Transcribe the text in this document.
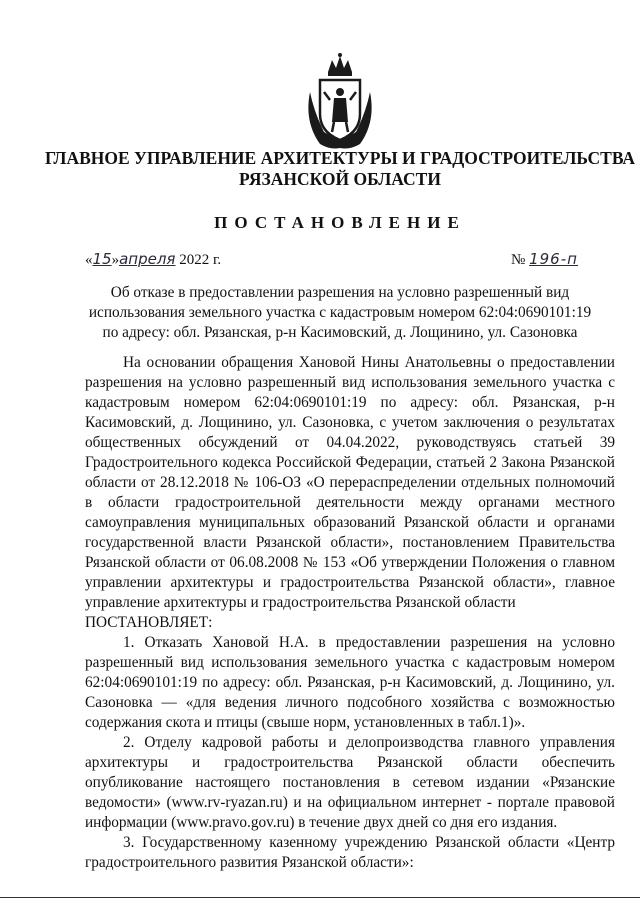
ГЛАВНОЕ УПРАВЛЕНИЕ АРХИТЕКТУРЫ И ГРАДОСТРОИТЕЛЬСТВА
РЯЗАНСКОЙ ОБЛАСТИ
ПОСТАНОВЛЕНИЕ
«15»апреля 2022 г.	№ 196-п
Об отказе в предоставлении разрешения на условно разрешенный вид
использования земельного участка с кадастровым номером 62:04:0690101:19
по адресу: обл. Рязанская, р-н Касимовский, д. Лощинино, ул. Сазоновка

На основании обращения Хановой Нины Анатольевны о предоставлении разрешения на условно разрешенный вид использования земельного участка с кадастровым номером 62:04:0690101:19 по адресу: обл. Рязанская, р-н Касимовский, д. Лощинино, ул. Сазоновка, с учетом заключения о результатах общественных обсуждений от 04.04.2022, руководствуясь статьей 39 Градостроительного кодекса Российской Федерации, статьей 2 Закона Рязанской области от 28.12.2018 № 106-ОЗ «О перераспределении отдельных полномочий в области градостроительной деятельности между органами местного самоуправления муниципальных образований Рязанской области и органами государственной власти Рязанской области», постановлением Правительства Рязанской области от 06.08.2008 № 153 «Об утверждении Положения о главном управлении архитектуры и градостроительства Рязанской области», главное управление архитектуры и градостроительства Рязанской области

ПОСТАНОВЛЯЕТ:

1. Отказать Хановой Н.А. в предоставлении разрешения на условно разрешенный вид использования земельного участка с кадастровым номером 62:04:0690101:19 по адресу: обл. Рязанская, р-н Касимовский, д. Лощинино, ул. Сазоновка — «для ведения личного подсобного хозяйства с возможностью содержания скота и птицы (свыше норм, установленных в табл.1)».

2. Отделу кадровой работы и делопроизводства главного управления архитектуры и градостроительства Рязанской области обеспечить опубликование настоящего постановления в сетевом издании «Рязанские ведомости» (www.rv-ryazan.ru) и на официальном интернет - портале правовой информации (www.pravo.gov.ru) в течение двух дней со дня его издания.

3. Государственному казенному учреждению Рязанской области «Центр градостроительного развития Рязанской области»:
